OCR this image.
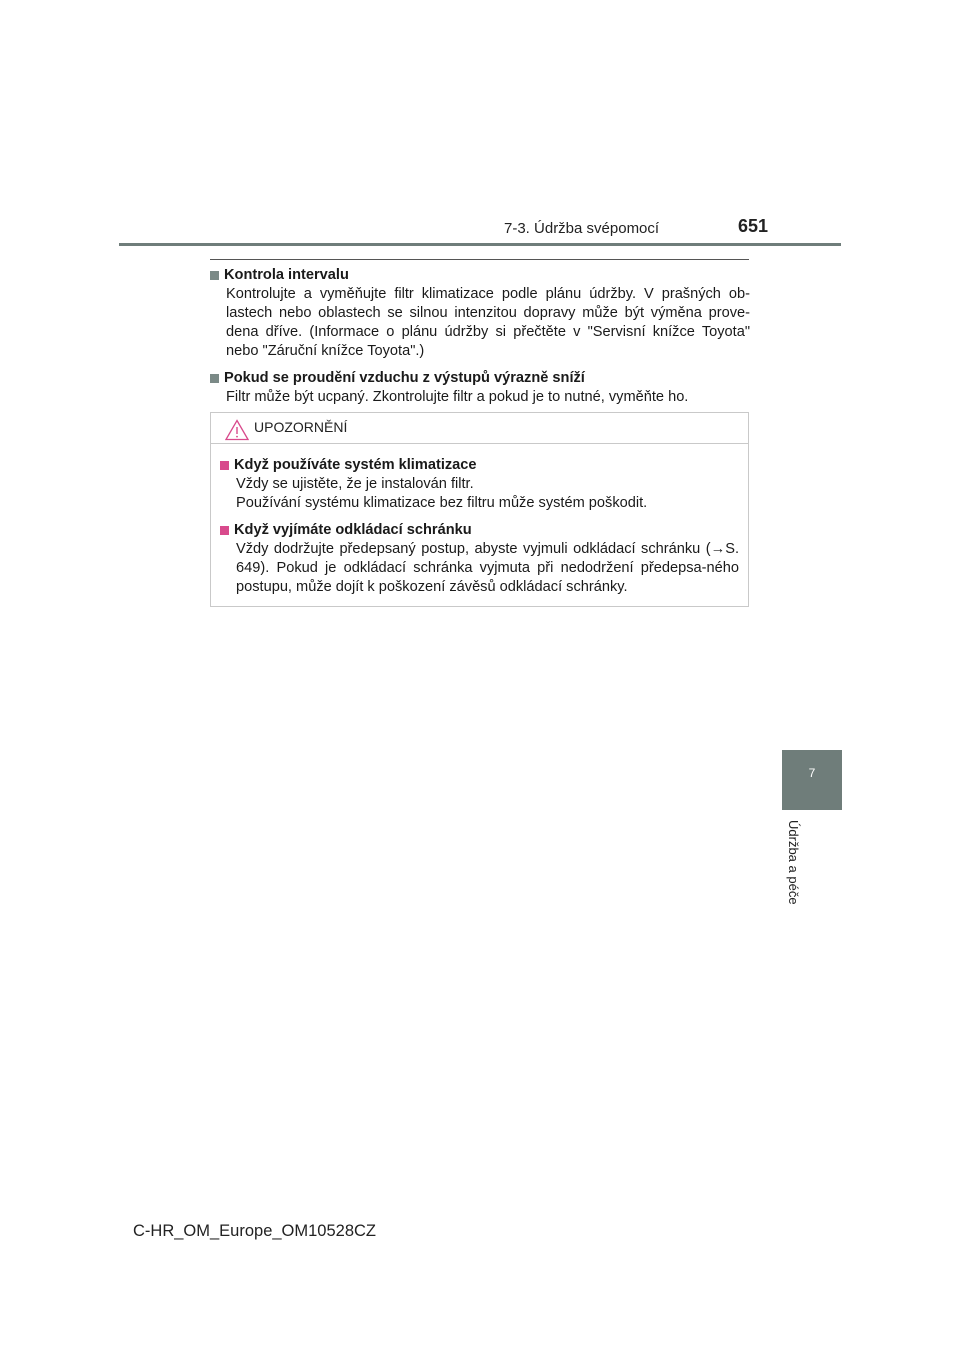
7-3. Údržba svépomocí	651
Kontrola intervalu

Kontrolujte a vyměňujte filtr klimatizace podle plánu údržby. V prašných ob-lastech nebo oblastech se silnou intenzitou dopravy může být výměna prove-dena dříve. (Informace o plánu údržby si přečtěte v "Servisní knížce Toyota" nebo "Záruční knížce Toyota".)

Pokud se proudění vzduchu z výstupů výrazně sníží

Filtr může být ucpaný. Zkontrolujte filtr a pokud je to nutné, vyměňte ho.

UPOZORNĚNÍ
Když používáte systém klimatizace

Vždy se ujistěte, že je instalován filtr.

Používání systému klimatizace bez filtru může systém poškodit.

Když vyjímáte odkládací schránku

Vždy dodržujte předepsaný postup, abyste vyjmuli odkládací schránku (→S. 649). Pokud je odkládací schránka vyjmuta při nedodržení předepsa-ného postupu, může dojít k poškození závěsů odkládací schránky.

7
Údržba a péče
C-HR_OM_Europe_OM10528CZ
